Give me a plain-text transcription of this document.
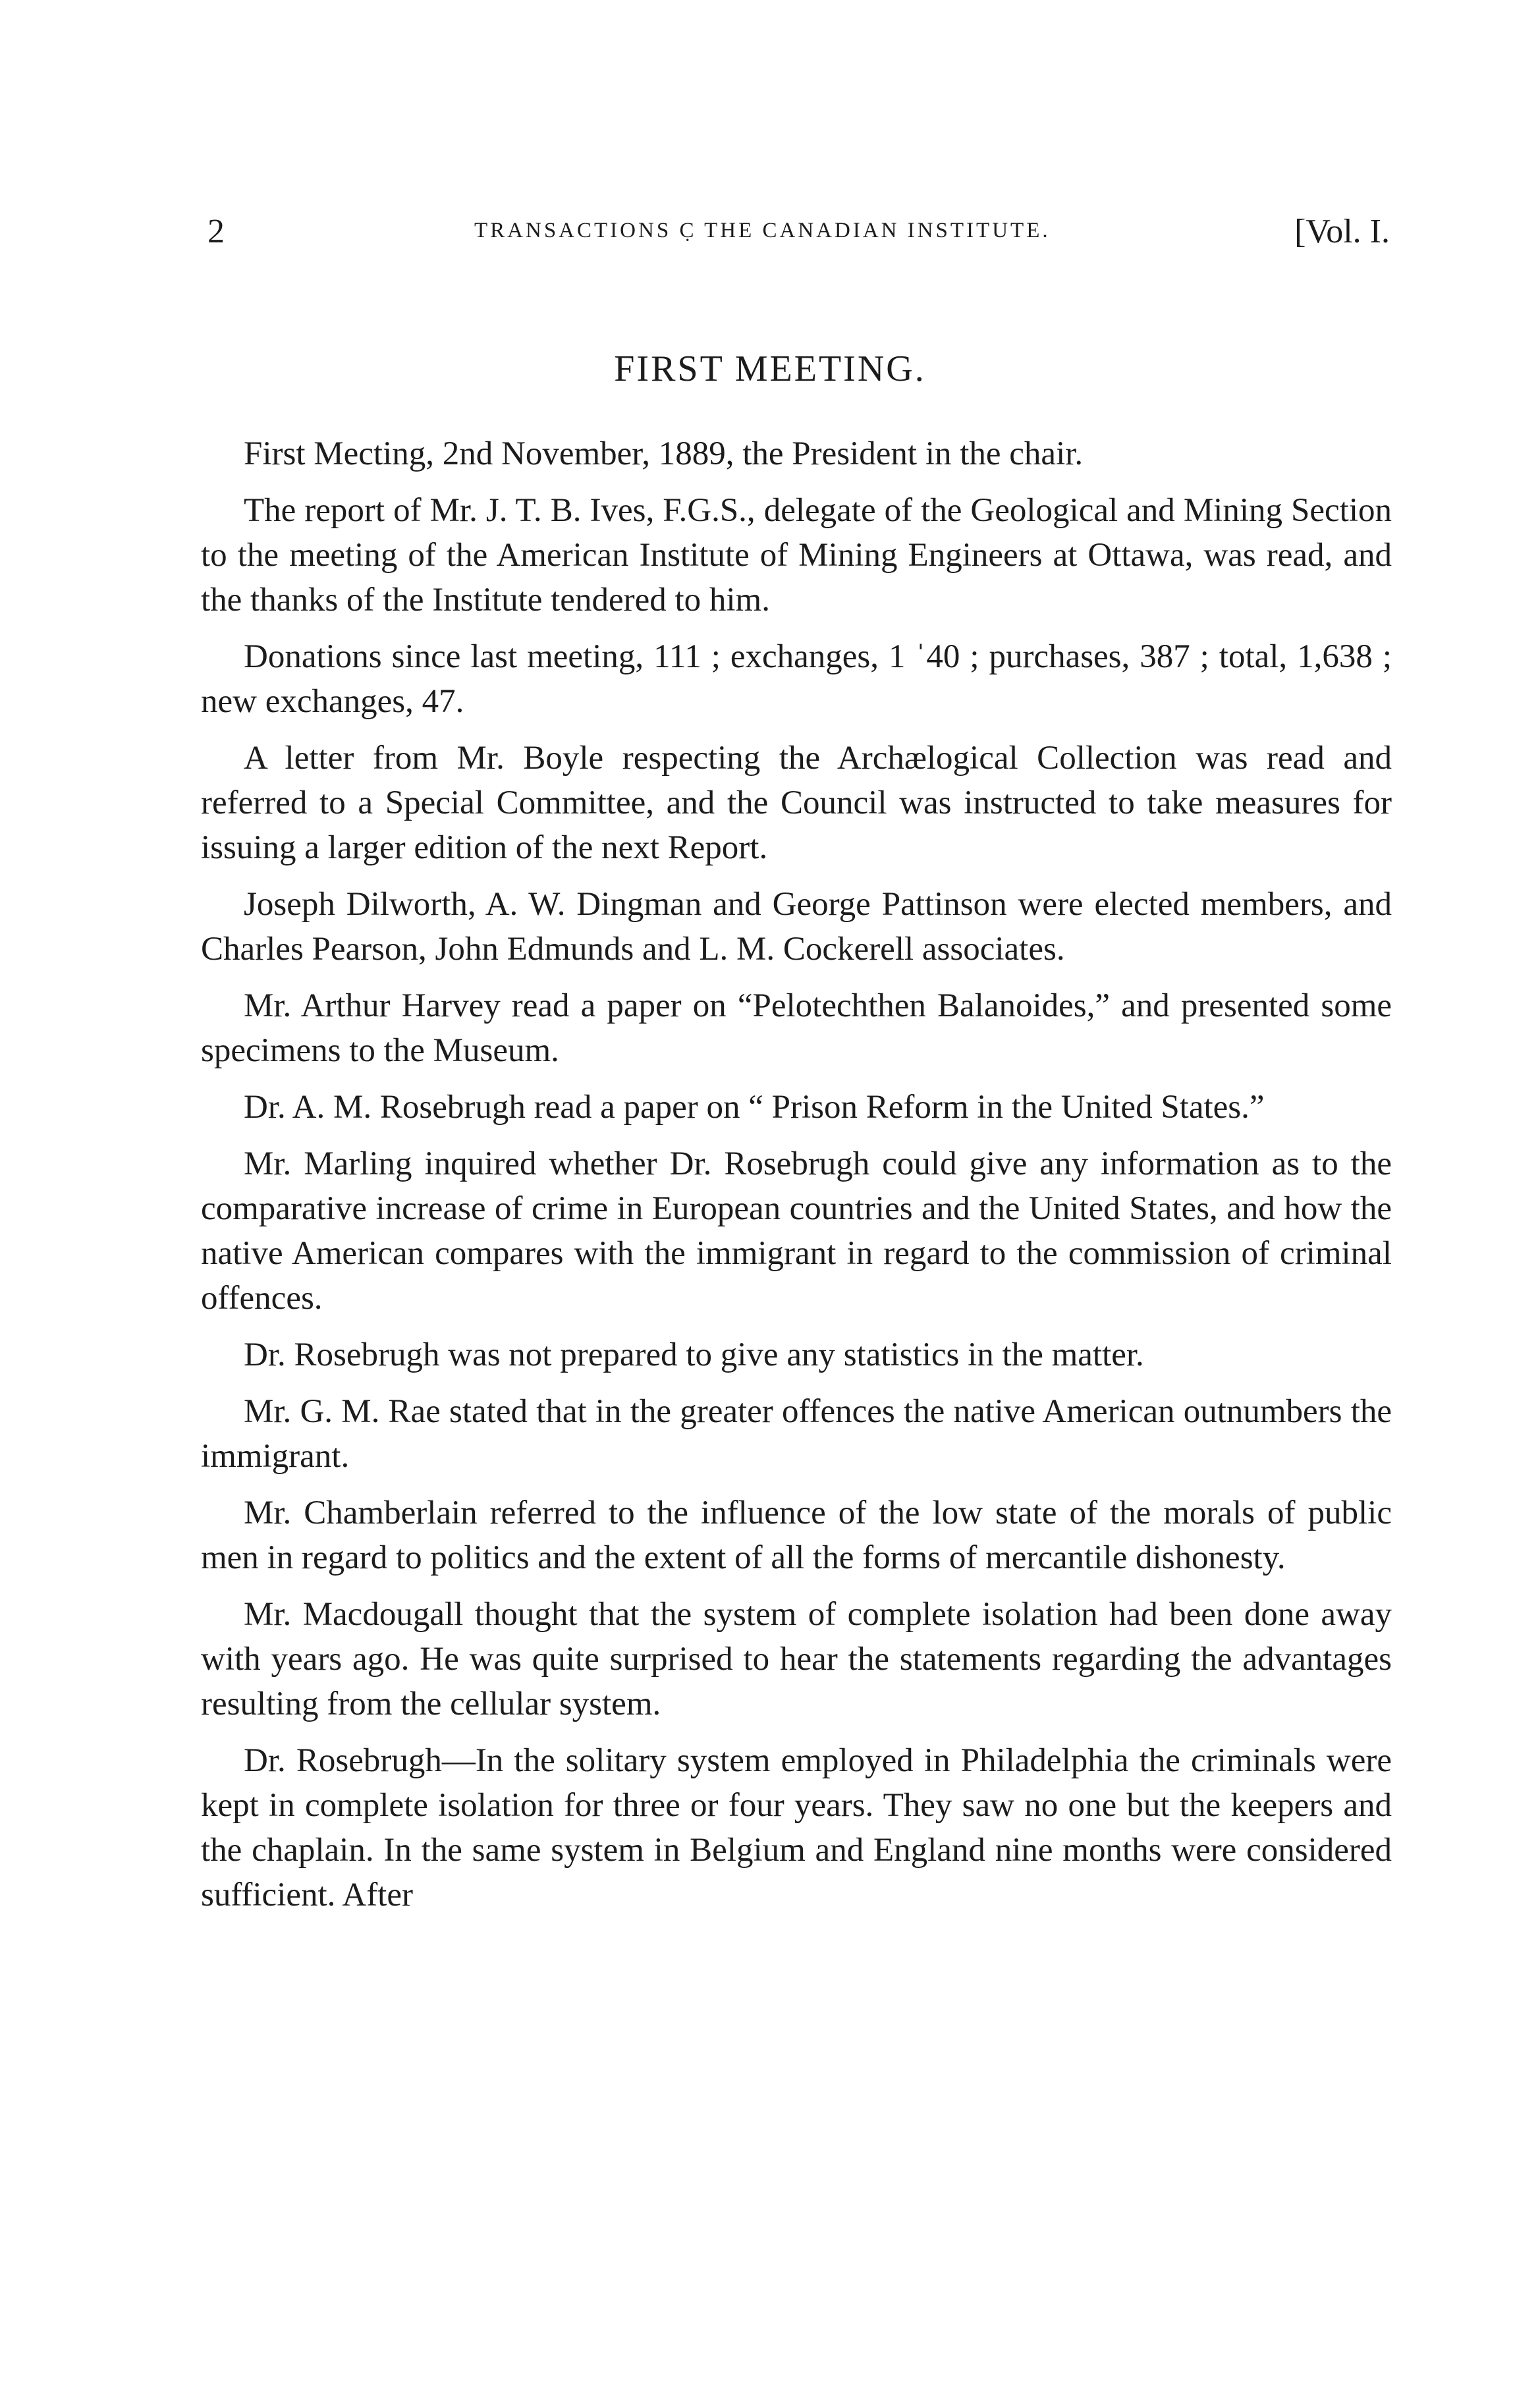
2	TRANSACTIONS C̣ THE CANADIAN INSTITUTE.	[Vol. I.
FIRST MEETING.

First Mecting, 2nd November, 1889, the President in the chair.

The report of Mr. J. T. B. Ives, F.G.S., delegate of the Geological and Mining Section to the meeting of the American Institute of Mining Engineers at Ottawa, was read, and the thanks of the Institute tendered to him.

Donations since last meeting, 111 ; exchanges, 1 ˈ40 ; purchases, 387 ; total, 1,638 ; new exchanges, 47.

A letter from Mr. Boyle respecting the Archælogical Collection was read and referred to a Special Committee, and the Council was instructed to take measures for issuing a larger edition of the next Report.

Joseph Dilworth, A. W. Dingman and George Pattinson were elected members, and Charles Pearson, John Edmunds and L. M. Cockerell associates.

Mr. Arthur Harvey read a paper on “Pelotechthen Balanoides,” and presented some specimens to the Museum.

Dr. A. M. Rosebrugh read a paper on “ Prison Reform in the United States.”

Mr. Marling inquired whether Dr. Rosebrugh could give any information as to the comparative increase of crime in European countries and the United States, and how the native American compares with the immigrant in regard to the commission of criminal offences.

Dr. Rosebrugh was not prepared to give any statistics in the matter.

Mr. G. M. Rae stated that in the greater offences the native American outnumbers the immigrant.

Mr. Chamberlain referred to the influence of the low state of the morals of public men in regard to politics and the extent of all the forms of mercantile dishonesty.

Mr. Macdougall thought that the system of complete isolation had been done away with years ago. He was quite surprised to hear the statements regarding the advantages resulting from the cellular system.

Dr. Rosebrugh—In the solitary system employed in Philadelphia the criminals were kept in complete isolation for three or four years. They saw no one but the keepers and the chaplain. In the same system in Belgium and England nine months were considered sufficient. After
